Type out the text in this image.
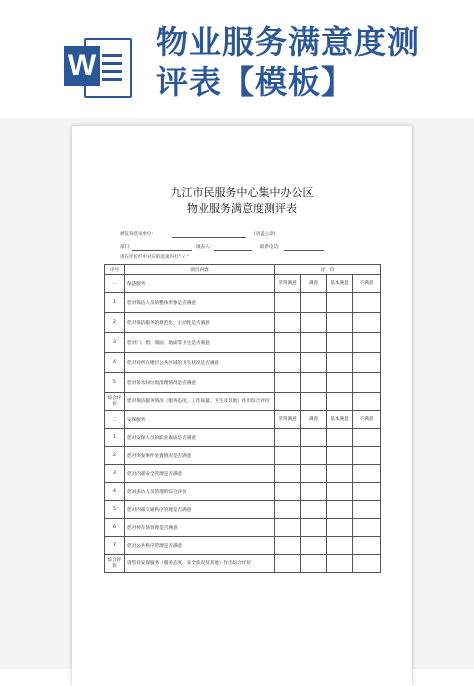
W
物业服务满意度测
评表【模板】
九江市民服务中心集中办公区
物业服务满意度测评表
被征询意见单位:	(请盖公章)
部门:	填表人:	联系电话:
请在评价栏中对应的选项内打“ √ ”
序号	项目内容	评　价			
一	保洁服务	非常满意	满意	基本满意	不满意
1	您对保洁人员的整体形象是否满意				
2	您对保洁服务的规范化、主动性是否满意				
3	您对门、窗、墙面、地面等卫生是否满意				
4	您对对所在楼层公共区域的卫生状况是否满意				
5	您对茶水间垃圾清理情况是否满意				
综合评价	您对保洁服务情况（服务态度、工作质量、卫生及其他）作出综合评价				
二	安保服务	非常满意	满意	基本满意	不满意
1	您对安保人员的职业素质是否满意				
2	您对突发事件处置情况是否满意				
3	您对内部安全管理是否满意				
4	您对来访人员管理的综合评价				
5	您对内部交通秩序管理是否满意				
6	您对停车场管理是否满意				
7	您对公共秩序管理是否满意				
综合评价	请您对安保服务（服务态度、安全状况及其他）作出综合评价				
